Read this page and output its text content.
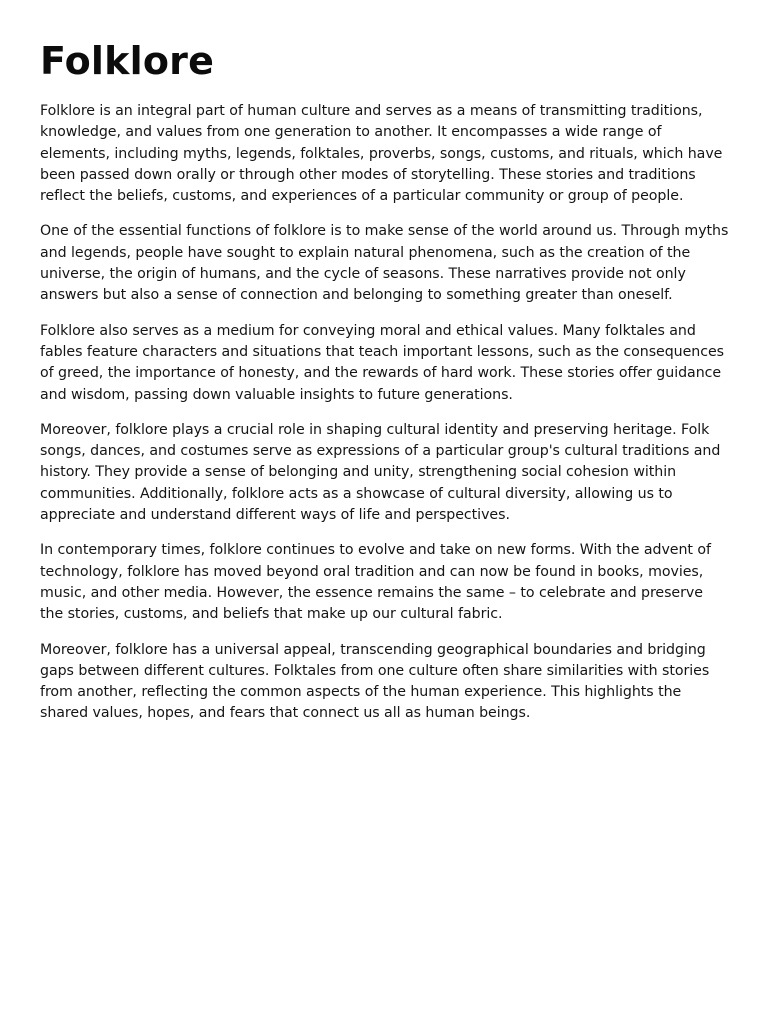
Folklore

Folklore is an integral part of human culture and serves as a means of transmitting traditions, knowledge, and values from one generation to another. It encompasses a wide range of elements, including myths, legends, folktales, proverbs, songs, customs, and rituals, which have been passed down orally or through other modes of storytelling. These stories and traditions reflect the beliefs, customs, and experiences of a particular community or group of people.

One of the essential functions of folklore is to make sense of the world around us. Through myths and legends, people have sought to explain natural phenomena, such as the creation of the universe, the origin of humans, and the cycle of seasons. These narratives provide not only answers but also a sense of connection and belonging to something greater than oneself.

Folklore also serves as a medium for conveying moral and ethical values. Many folktales and fables feature characters and situations that teach important lessons, such as the consequences of greed, the importance of honesty, and the rewards of hard work. These stories offer guidance and wisdom, passing down valuable insights to future generations.

Moreover, folklore plays a crucial role in shaping cultural identity and preserving heritage. Folk songs, dances, and costumes serve as expressions of a particular group's cultural traditions and history. They provide a sense of belonging and unity, strengthening social cohesion within communities. Additionally, folklore acts as a showcase of cultural diversity, allowing us to appreciate and understand different ways of life and perspectives.

In contemporary times, folklore continues to evolve and take on new forms. With the advent of technology, folklore has moved beyond oral tradition and can now be found in books, movies, music, and other media. However, the essence remains the same – to celebrate and preserve the stories, customs, and beliefs that make up our cultural fabric.

Moreover, folklore has a universal appeal, transcending geographical boundaries and bridging gaps between different cultures. Folktales from one culture often share similarities with stories from another, reflecting the common aspects of the human experience. This highlights the shared values, hopes, and fears that connect us all as human beings.
